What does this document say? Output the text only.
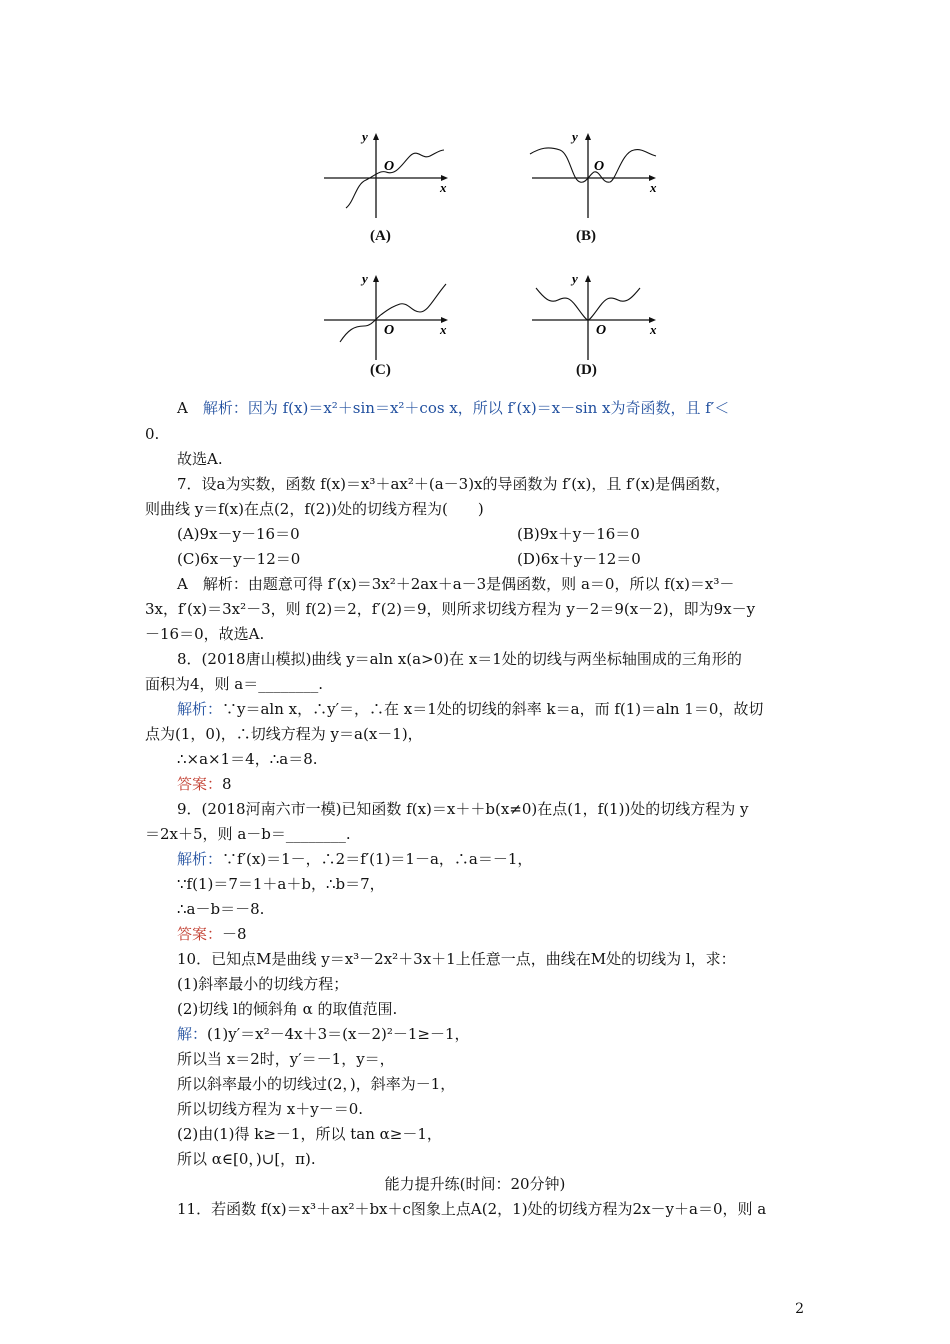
y
x
O
(A)
y
x
O
(B)
y
x
O
(C)
y
x
O
(D)
A　解析：因为 f(x)＝x²＋sin＝x²＋cos x，所以 f′(x)＝x－sin x为奇函数，且 f′＜
0.
故选A.
7．设a为实数，函数 f(x)＝x³＋ax²＋(a－3)x的导函数为 f′(x)，且 f′(x)是偶函数，
则曲线 y＝f(x)在点(2，f(2))处的切线方程为(　　)
(A)9x－y－16＝0	(B)9x＋y－16＝0
(C)6x－y－12＝0	(D)6x＋y－12＝0
A　解析：由题意可得 f′(x)＝3x²＋2ax＋a－3是偶函数，则 a＝0，所以 f(x)＝x³－
3x，f′(x)＝3x²－3，则 f(2)＝2，f′(2)＝9，则所求切线方程为 y－2＝9(x－2)，即为9x－y
－16＝0，故选A.
8．(2018唐山模拟)曲线 y＝aln x(a>0)在 x＝1处的切线与两坐标轴围成的三角形的
面积为4，则 a＝________.
解析：∵y＝aln x，∴y′＝，∴在 x＝1处的切线的斜率 k＝a，而 f(1)＝aln 1＝0，故切
点为(1，0)，∴切线方程为 y＝a(x－1)，
∴×a×1＝4，∴a＝8.
答案：8
9．(2018河南六市一模)已知函数 f(x)＝x＋＋b(x≠0)在点(1，f(1))处的切线方程为 y
＝2x＋5，则 a－b＝________.
解析：∵f′(x)＝1－，∴2＝f′(1)＝1－a，∴a＝－1，
∵f(1)＝7＝1＋a＋b，∴b＝7，
∴a－b＝－8.
答案：－8
10．已知点M是曲线 y＝x³－2x²＋3x＋1上任意一点，曲线在M处的切线为 l，求：
(1)斜率最小的切线方程；
(2)切线 l的倾斜角 α 的取值范围.
解：(1)y′＝x²－4x＋3＝(x－2)²－1≥－1，
所以当 x＝2时，y′＝－1，y＝，
所以斜率最小的切线过(2，)，斜率为－1，
所以切线方程为 x＋y－＝0.
(2)由(1)得 k≥－1，所以 tan α≥－1，
所以 α∈[0，)∪[，π).
能力提升练(时间：20分钟)
11．若函数 f(x)＝x³＋ax²＋bx＋c图象上点A(2，1)处的切线方程为2x－y＋a＝0，则 a
2
